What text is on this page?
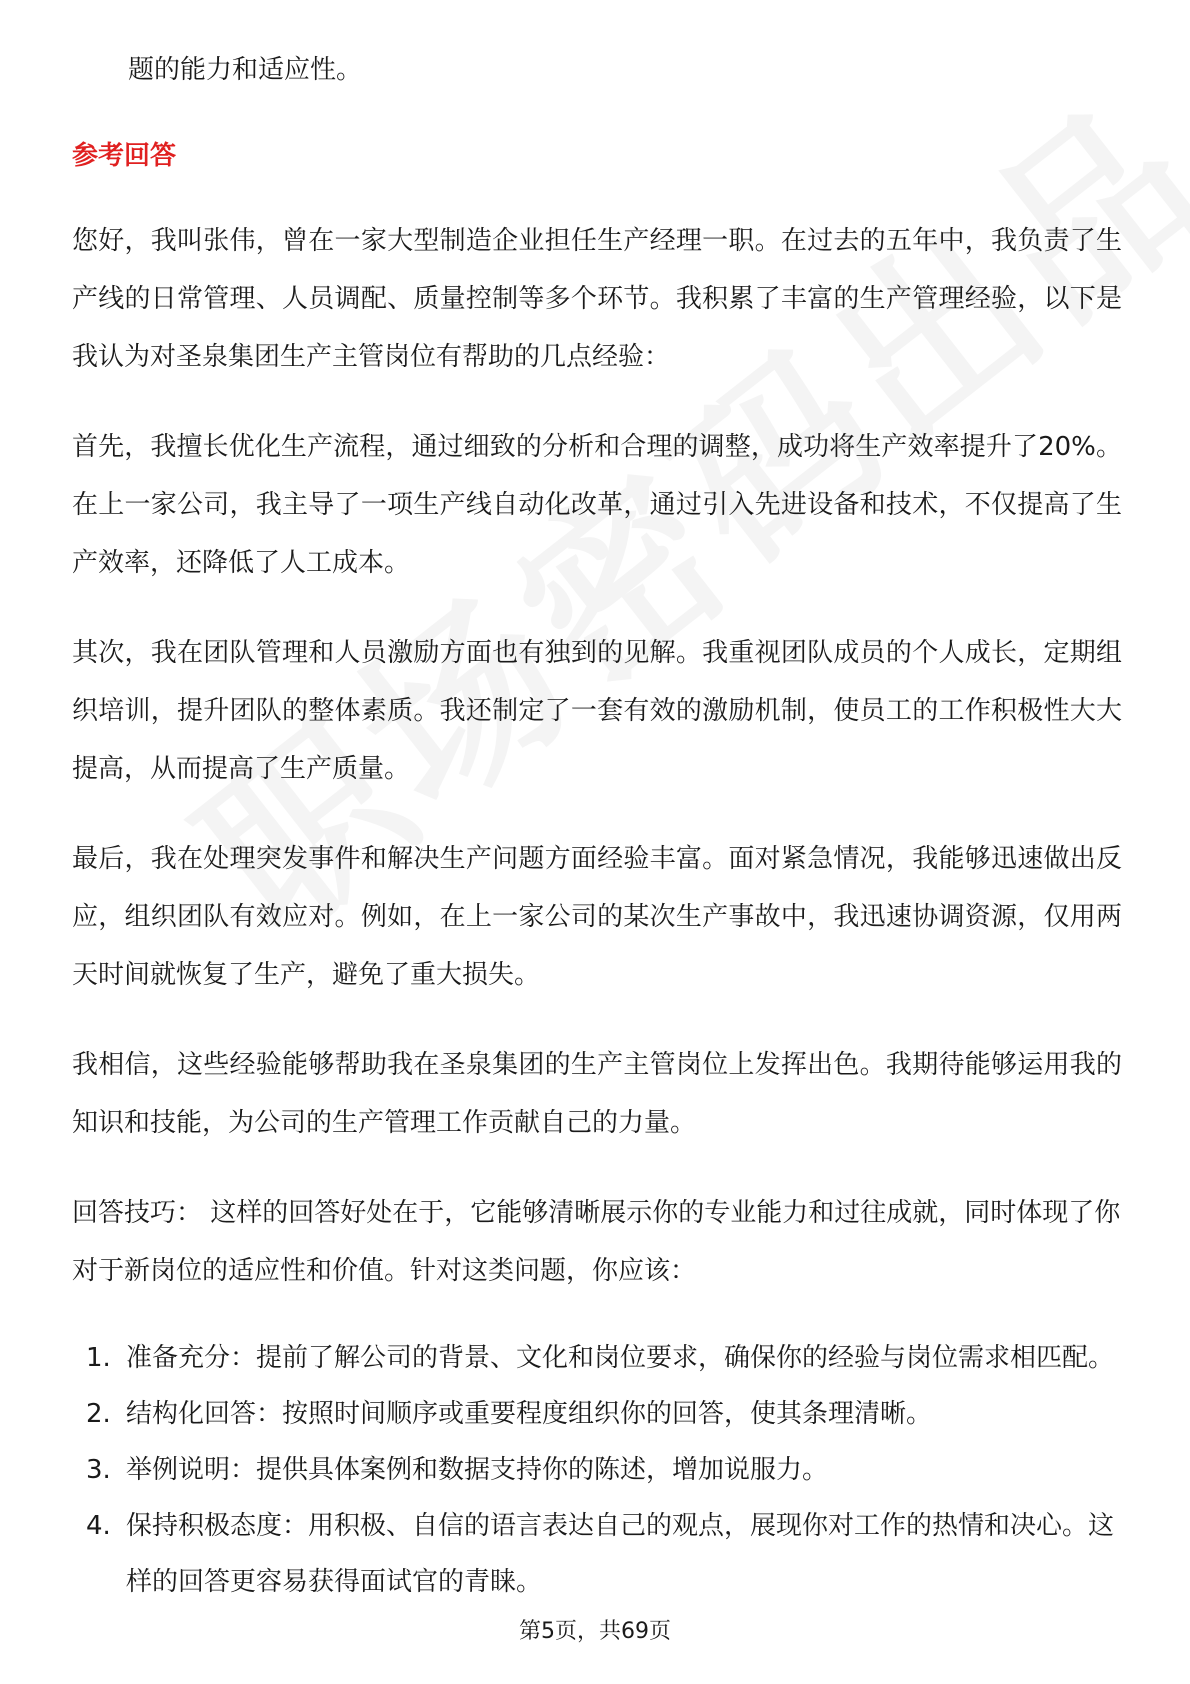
题的能力和适应性。

参考回答

您好，我叫张伟，曾在一家大型制造企业担任生产经理一职。在过去的五年中，我负责了生产线的日常管理、人员调配、质量控制等多个环节。我积累了丰富的生产管理经验，以下是我认为对圣泉集团生产主管岗位有帮助的几点经验：

首先，我擅长优化生产流程，通过细致的分析和合理的调整，成功将生产效率提升了20%。在上一家公司，我主导了一项生产线自动化改革，通过引入先进设备和技术，不仅提高了生产效率，还降低了人工成本。

其次，我在团队管理和人员激励方面也有独到的见解。我重视团队成员的个人成长，定期组织培训，提升团队的整体素质。我还制定了一套有效的激励机制，使员工的工作积极性大大提高，从而提高了生产质量。

最后，我在处理突发事件和解决生产问题方面经验丰富。面对紧急情况，我能够迅速做出反应，组织团队有效应对。例如，在上一家公司的某次生产事故中，我迅速协调资源，仅用两天时间就恢复了生产，避免了重大损失。

我相信，这些经验能够帮助我在圣泉集团的生产主管岗位上发挥出色。我期待能够运用我的知识和技能，为公司的生产管理工作贡献自己的力量。

回答技巧： 这样的回答好处在于，它能够清晰展示你的专业能力和过往成就，同时体现了你对于新岗位的适应性和价值。针对这类问题，你应该：

1. 准备充分：提前了解公司的背景、文化和岗位要求，确保你的经验与岗位需求相匹配。
2. 结构化回答：按照时间顺序或重要程度组织你的回答，使其条理清晰。
3. 举例说明：提供具体案例和数据支持你的陈述，增加说服力。
4. 保持积极态度：用积极、自信的语言表达自己的观点，展现你对工作的热情和决心。这样的回答更容易获得面试官的青睐。
第5页，共69页
